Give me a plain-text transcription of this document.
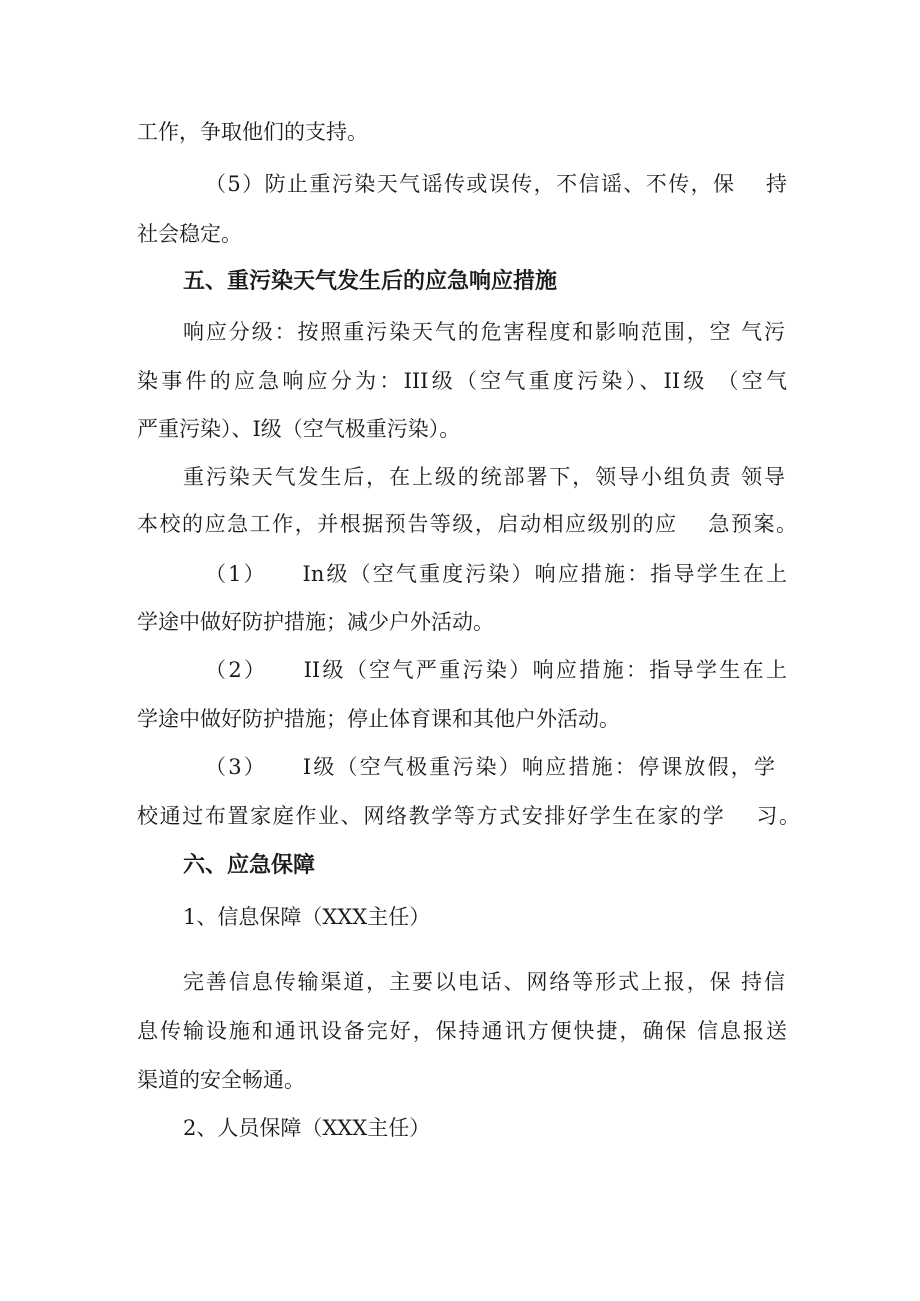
工作，争取他们的支持。

（5）防止重污染天气谣传或误传，不信谣、不传，保　 持

社会稳定。

五、重污染天气发生后的应急响应措施

响应分级：按照重污染天气的危害程度和影响范围，空 气污

染事件的应急响应分为：III级（空气重度污染）、II级 （空气

严重污染）、I级（空气极重污染）。

重污染天气发生后，在上级的统部署下，领导小组负责 领导

本校的应急工作，并根据预告等级，启动相应级别的应　 急预案。

（1）　　In级（空气重度污染）响应措施：指导学生在上

学途中做好防护措施；减少户外活动。

（2）　　II级（空气严重污染）响应措施：指导学生在上

学途中做好防护措施；停止体育课和其他户外活动。

（3）　　I级（空气极重污染）响应措施：停课放假，学

校通过布置家庭作业、网络教学等方式安排好学生在家的学　 习。

六、应急保障

1、信息保障（XXX主任）

完善信息传输渠道，主要以电话、网络等形式上报，保 持信

息传输设施和通讯设备完好，保持通讯方便快捷，确保 信息报送

渠道的安全畅通。

2、人员保障（XXX主任）
